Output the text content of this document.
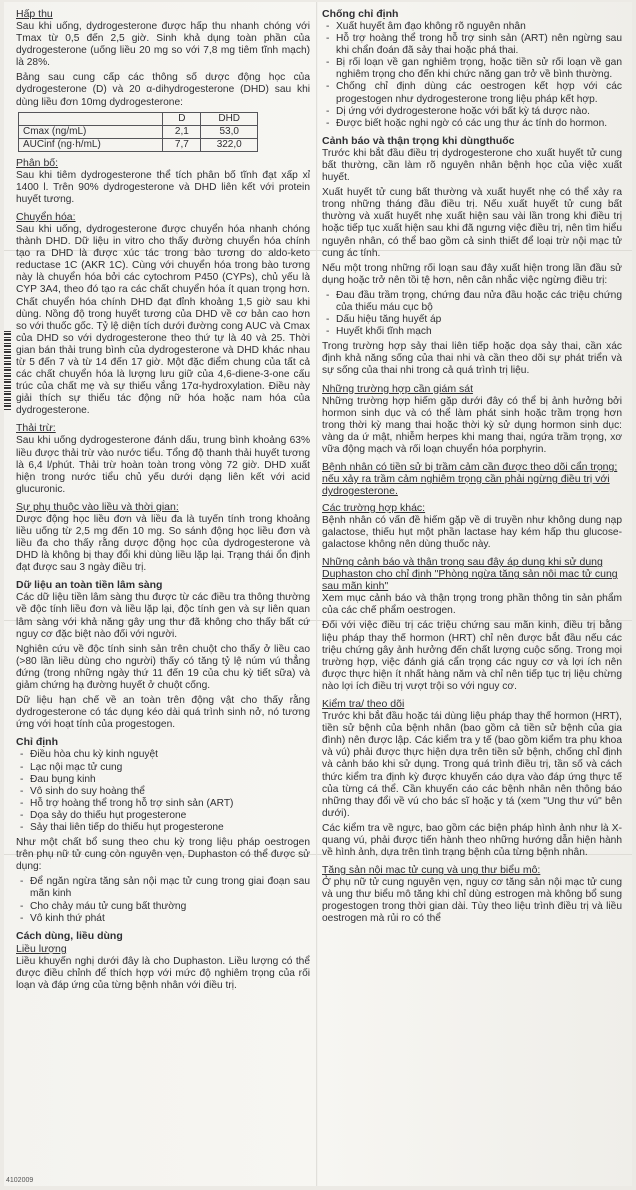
Hấp thu

Sau khi uống, dydrogesterone được hấp thu nhanh chóng với Tmax từ 0,5 đến 2,5 giờ. Sinh khả dụng toàn phần của dydrogesterone (uống liều 20 mg so với 7,8 mg tiêm tĩnh mạch) là 28%.

Bảng sau cung cấp các thông số dược động học của dydrogesterone (D) và 20 α-dihydrogesterone (DHD) sau khi dùng liều đơn 10mg dydrogesterone:

	D	DHD
Cmax (ng/mL)	2,1	53,0
AUCinf (ng·h/mL)	7,7	322,0
Phân bố:

Sau khi tiêm dydrogesterone thể tích phân bố tĩnh đạt xấp xỉ 1400 l. Trên 90% dydrogesterone và DHD liên kết với protein huyết tương.

Chuyển hóa:

Sau khi uống, dydrogesterone được chuyển hóa nhanh chóng thành DHD. Dữ liệu in vitro cho thấy đường chuyển hóa chính tạo ra DHD là được xúc tác trong bào tương do aldo-keto reductase 1C (AKR 1C). Cùng với chuyển hóa trong bào tương này là chuyển hóa bởi các cytochrom P450 (CYPs), chủ yếu là CYP 3A4, theo đó tạo ra các chất chuyển hóa ít quan trọng hơn. Chất chuyển hóa chính DHD đạt đỉnh khoảng 1,5 giờ sau khi dùng. Nồng độ trong huyết tương của DHD về cơ bản cao hơn so với thuốc gốc. Tỷ lệ diện tích dưới đường cong AUC và Cmax của DHD so với dydrogesterone theo thứ tự là 40 và 25. Thời gian bán thải trung bình của dydrogesterone và DHD khác nhau từ 5 đến 7 và từ 14 đến 17 giờ. Một đặc điểm chung của tất cả các chất chuyển hóa là lượng lưu giữ của 4,6-diene-3-one cấu trúc của chất mẹ và sự thiếu vắng 17α-hydroxylation. Điều này giải thích sự thiếu tác động nữ hóa hoặc nam hóa của dydrogesterone.

Thải trừ:

Sau khi uống dydrogesterone đánh dấu, trung bình khoảng 63% liều được thải trừ vào nước tiểu. Tổng độ thanh thải huyết tương là 6,4 l/phút. Thải trừ hoàn toàn trong vòng 72 giờ. DHD xuất hiện trong nước tiểu chủ yếu dưới dạng liên kết với acid glucuronic.

Sự phụ thuộc vào liều và thời gian:

Dược động học liều đơn và liều đa là tuyến tính trong khoảng liều uống từ 2,5 mg đến 10 mg. So sánh động học liều đơn và liều đa cho thấy rằng dược động học của dydrogesterone và DHD là không bị thay đổi khi dùng liều lặp lại. Trạng thái ổn định đạt được sau 3 ngày điều trị.

Dữ liệu an toàn tiền lâm sàng

Các dữ liệu tiền lâm sàng thu được từ các điều tra thông thường về độc tính liều đơn và liều lặp lại, độc tính gen và sự liên quan lâm sàng với khả năng gây ung thư đã không cho thấy bất cứ nguy cơ đặc biệt nào đối với người.

Nghiên cứu về độc tính sinh sản trên chuột cho thấy ở liều cao (>80 lần liều dùng cho người) thấy có tăng tỷ lệ núm vú thẳng đứng (trong những ngày thứ 11 đến 19 của chu kỳ tiết sữa) và giảm chứng hạ đường huyết ở chuột cống.

Dữ liệu hạn chế về an toàn trên động vật cho thấy rằng dydrogesterone có tác dụng kéo dài quá trình sinh nở, nó tương ứng với hoạt tính của progestogen.

Chỉ định
- Điều hòa chu kỳ kinh nguyệt
- Lạc nội mạc tử cung
- Đau bụng kinh
- Vô sinh do suy hoàng thể
- Hỗ trợ hoàng thể trong hỗ trợ sinh sản (ART)
- Dọa sảy do thiếu hụt progesterone
- Sảy thai liên tiếp do thiếu hụt progesterone

Như một chất bổ sung theo chu kỳ trong liệu pháp oestrogen trên phụ nữ tử cung còn nguyên vẹn, Duphaston có thể được sử dụng:

- Để ngăn ngừa tăng sản nội mạc tử cung trong giai đoạn sau mãn kinh
- Cho chảy máu tử cung bất thường
- Vô kinh thứ phát
Cách dùng, liều dùng
Liều lượng

Liều khuyến nghị dưới đây là cho Duphaston. Liều lượng có thể được điều chỉnh để thích hợp với mức độ nghiêm trọng của rối loạn và đáp ứng của từng bệnh nhân với điều trị.

4102009
Chống chỉ định
- Xuất huyết âm đạo không rõ nguyên nhân
- Hỗ trợ hoàng thể trong hỗ trợ sinh sản (ART) nên ngừng sau khi chẩn đoán đã sảy thai hoặc phá thai.
- Bị rối loạn về gan nghiêm trọng, hoặc tiền sử rối loạn về gan nghiêm trọng cho đến khi chức năng gan trở về bình thường.
- Chống chỉ định dùng các oestrogen kết hợp với các progestogen như dydrogesterone trong liệu pháp kết hợp.
- Dị ứng với dydrogesterone hoặc với bất kỳ tá dược nào.
- Được biết hoặc nghi ngờ có các ung thư ác tính do hormon.
Cảnh báo và thận trọng khi dùngthuốc

Trước khi bắt đầu điều trị dydrogesterone cho xuất huyết tử cung bất thường, cần làm rõ nguyên nhân bệnh học của việc xuất huyết.

Xuất huyết tử cung bất thường và xuất huyết nhẹ có thể xảy ra trong những tháng đầu điều trị. Nếu xuất huyết tử cung bất thường và xuất huyết nhẹ xuất hiện sau vài lần trong khi điều trị hoặc tiếp tục xuất hiện sau khi đã ngưng việc điều trị, nên tìm hiểu nguyên nhân, có thể bao gồm cả sinh thiết để loại trừ nội mạc tử cung ác tính.

Nếu một trong những rối loạn sau đây xuất hiện trong lần đầu sử dụng hoặc trở nên tồi tệ hơn, nên cân nhắc việc ngừng điều trị:

- Đau đầu trầm trọng, chứng đau nửa đầu hoặc các triệu chứng của thiếu máu cục bộ
- Dấu hiệu tăng huyết áp
- Huyết khối tĩnh mạch

Trong trường hợp sảy thai liên tiếp hoặc dọa sảy thai, cần xác định khả năng sống của thai nhi và cần theo dõi sự phát triển và sự sống của thai nhi trong cả quá trình trị liệu.

Những trường hợp cần giám sát

Những trường hợp hiếm gặp dưới đây có thể bị ảnh hưởng bởi hormon sinh dục và có thể làm phát sinh hoặc trầm trọng hơn trong thời kỳ mang thai hoặc thời kỳ sử dụng hormon sinh dục: vàng da ứ mật, nhiễm herpes khi mang thai, ngứa trầm trọng, xơ vữa động mạch và rối loạn chuyển hóa porphyrin.

Bệnh nhân có tiền sử bị trầm cảm cần được theo dõi cẩn trọng; nếu xảy ra trầm cảm nghiêm trọng cần phải ngừng điều trị với dydrogesterone.
Các trường hợp khác:

Bệnh nhân có vấn đề hiếm gặp về di truyền như không dung nạp galactose, thiếu hụt một phần lactase hay kém hấp thu glucose-galactose không nên dùng thuốc này.

Những cảnh báo và thận trọng sau đây áp dụng khi sử dụng Duphaston cho chỉ định "Phòng ngừa tăng sản nội mạc tử cung sau mãn kinh"

Xem mục cảnh báo và thận trọng trong phần thông tin sản phẩm của các chế phẩm oestrogen.

Đối với việc điều trị các triệu chứng sau mãn kinh, điều trị bằng liệu pháp thay thế hormon (HRT) chỉ nên được bắt đầu nếu các triệu chứng gây ảnh hưởng đến chất lượng cuộc sống. Trong mọi trường hợp, việc đánh giá cẩn trọng các nguy cơ và lợi ích nên được thực hiện ít nhất hàng năm và chỉ nên tiếp tục trị liệu chừng nào lợi ích điều trị vượt trội so với nguy cơ.

Kiểm tra/ theo dõi

Trước khi bắt đầu hoặc tái dùng liệu pháp thay thế hormon (HRT), tiền sử bệnh của bệnh nhân (bao gồm cả tiền sử bệnh của gia đình) nên được lập. Các kiểm tra y tế (bao gồm kiểm tra phụ khoa và vú) phải được thực hiện dựa trên tiền sử bệnh, chống chỉ định và cảnh báo khi sử dụng. Trong quá trình điều trị, tần số và cách thức kiểm tra định kỳ được khuyến cáo dựa vào đáp ứng thực tế của từng cá thể. Cần khuyến cáo các bệnh nhân nên thông báo những thay đổi về vú cho bác sĩ hoặc y tá (xem "Ung thư vú" bên dưới).

Các kiểm tra về ngực, bao gồm các biện pháp hình ảnh như là X-quang vú, phải được tiến hành theo những hướng dẫn hiện hành về hình ảnh, dựa trên tình trạng bệnh của từng bệnh nhân.

Tăng sản nội mạc tử cung và ung thư biểu mô:

Ở phụ nữ tử cung nguyên vẹn, nguy cơ tăng sản nội mạc tử cung và ung thư biểu mô tăng khi chỉ dùng estrogen mà không bổ sung progestogen trong thời gian dài. Tùy theo liệu trình điều trị và liều oestrogen mà rủi ro có thể
